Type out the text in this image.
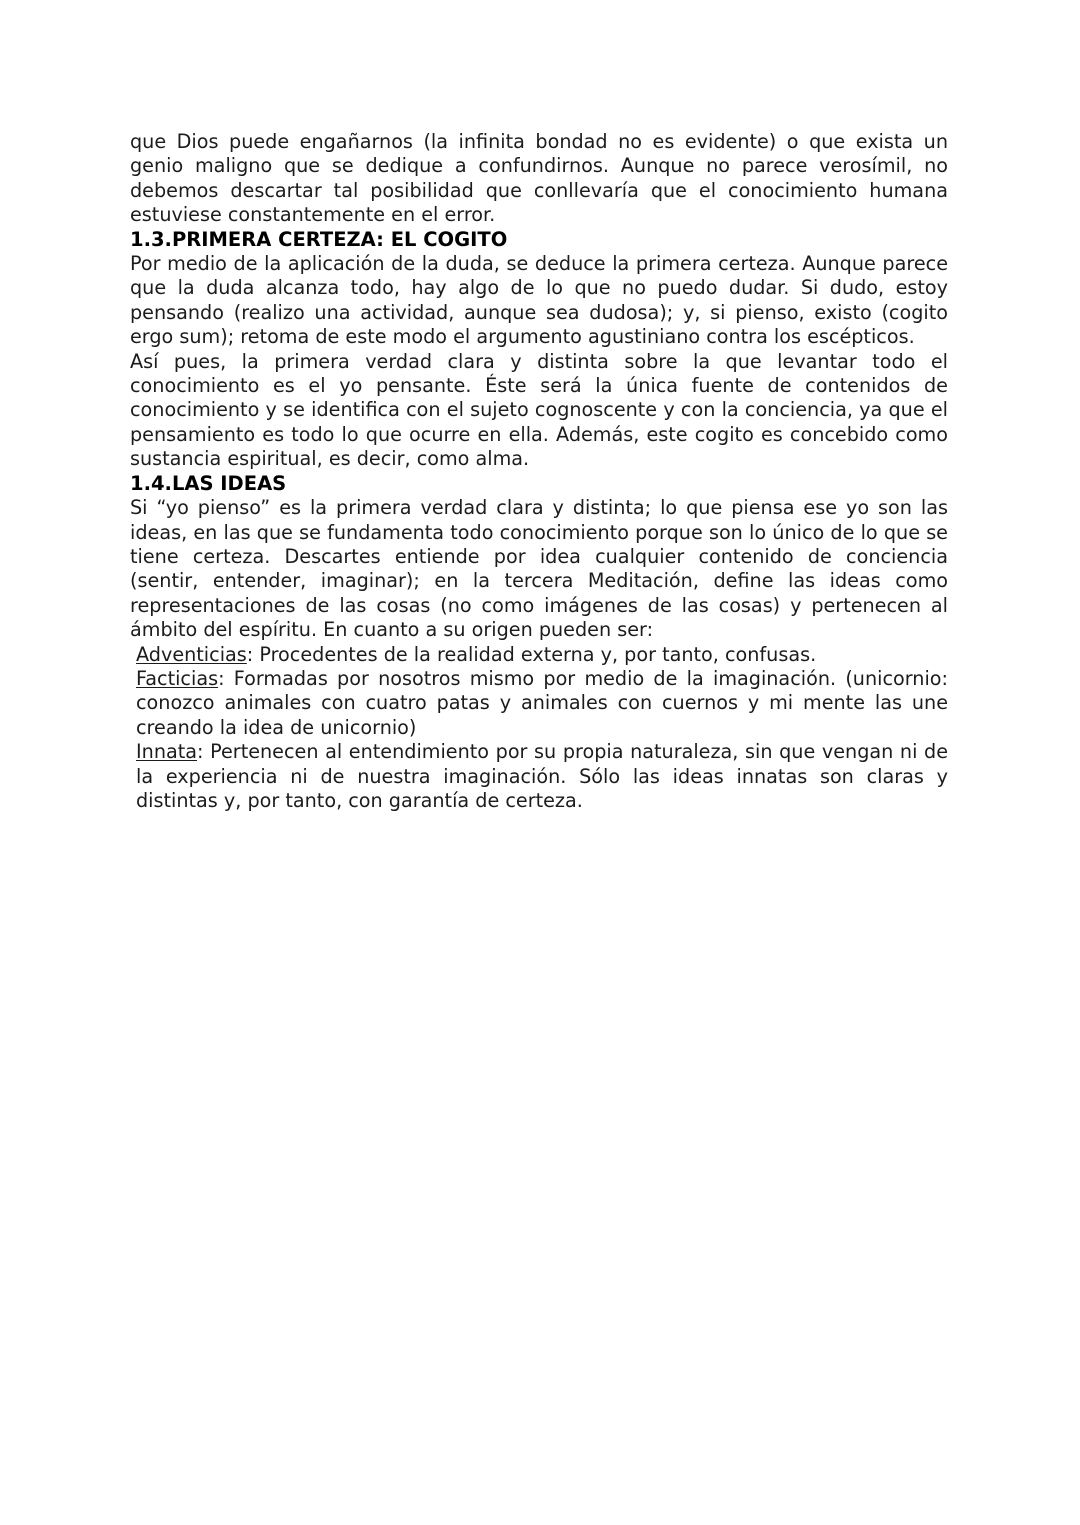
que Dios puede engañarnos (la infinita bondad no es evidente) o que exista un genio maligno que se dedique a confundirnos. Aunque no parece verosímil, no debemos descartar tal posibilidad que conllevaría que el conocimiento humana estuviese constantemente en el error.

1.3.PRIMERA CERTEZA: EL COGITO

Por medio de la aplicación de la duda, se deduce la primera certeza. Aunque parece que la duda alcanza todo, hay algo de lo que no puedo dudar. Si dudo, estoy pensando (realizo una actividad, aunque sea dudosa); y, si pienso, existo (cogito ergo sum); retoma de este modo el argumento agustiniano contra los escépticos.

Así pues, la primera verdad clara y distinta sobre la que levantar todo el conocimiento es el yo pensante. Éste será la única fuente de contenidos de conocimiento y se identifica con el sujeto cognoscente y con la conciencia, ya que el pensamiento es todo lo que ocurre en ella. Además, este cogito es concebido como sustancia espiritual, es decir, como alma.

1.4.LAS IDEAS

Si “yo pienso” es la primera verdad clara y distinta; lo que piensa ese yo son las ideas, en las que se fundamenta todo conocimiento porque son lo único de lo que se tiene certeza. Descartes entiende por idea cualquier contenido de conciencia (sentir, entender, imaginar); en la tercera Meditación, define las ideas como representaciones de las cosas (no como imágenes de las cosas) y pertenecen al ámbito del espíritu. En cuanto a su origen pueden ser:

Adventicias: Procedentes de la realidad externa y, por tanto, confusas.

Facticias: Formadas por nosotros mismo por medio de la imaginación. (unicornio: conozco animales con cuatro patas y animales con cuernos y mi mente las une creando la idea de unicornio)

Innata: Pertenecen al entendimiento por su propia naturaleza, sin que vengan ni de la experiencia ni de nuestra imaginación. Sólo las ideas innatas son claras y distintas y, por tanto, con garantía de certeza.
